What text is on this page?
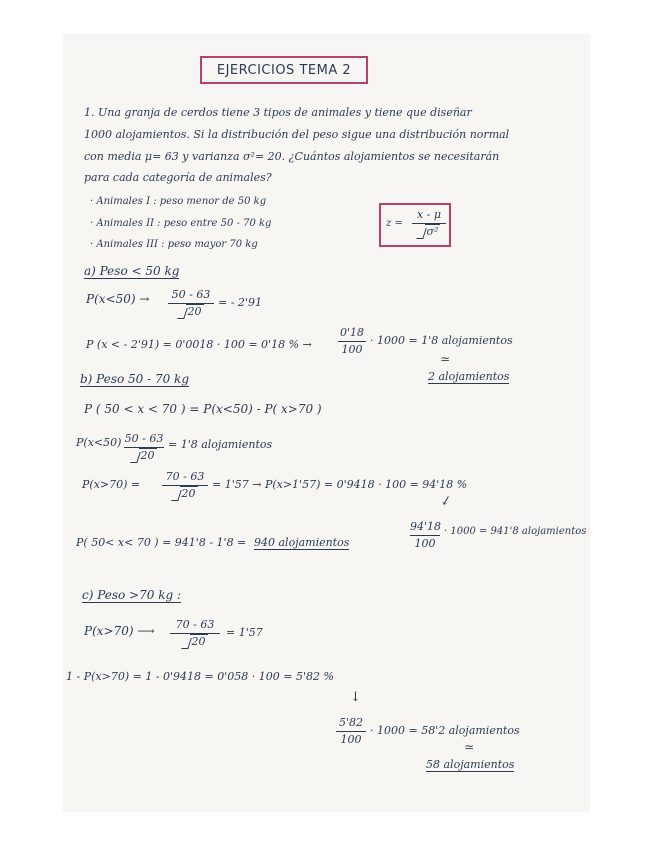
EJERCICIOS TEMA 2
1. Una granja de cerdos tiene 3 tipos de animales y tiene que diseñar
1000 alojamientos. Si la distribución del peso sigue una distribución normal
con media μ= 63 y varianza σ²= 20. ¿Cuántos alojamientos se necesitarán
para cada categoría de animales?
· Animales I : peso menor de 50 kg
· Animales II : peso entre 50 - 70 kg
· Animales III : peso mayor 70 kg
z =
x - μ
σ²
a) Peso < 50 kg
P(x<50) →	50 - 63
20
= - 2'91
P (x < - 2'91) = 0'0018 · 100 = 0'18 % →
0'18
100
· 1000 = 1'8 alojamientos
≃
2 alojamientos
b) Peso 50 - 70 kg
P ( 50 < x < 70 ) = P(x<50) - P( x>70 )
P(x<50) 50 - 63
20
= 1'8 alojamientos
P(x>70) =
70 - 63
20
= 1'57 → P(x>1'57) = 0'9418 · 100 = 94'18 %
↓
94'18
100
· 1000 = 941'8 alojamientos
P( 50< x< 70 ) = 941'8 - 1'8 = 940 alojamientos
c) Peso >70 kg :
P(x>70) ⟶	70 - 63
20
= 1'57
1 - P(x>70) = 1 - 0'9418 = 0'058 · 100 = 5'82 %
↓
5'82
100
· 1000 = 58'2 alojamientos
≃
58 alojamientos
